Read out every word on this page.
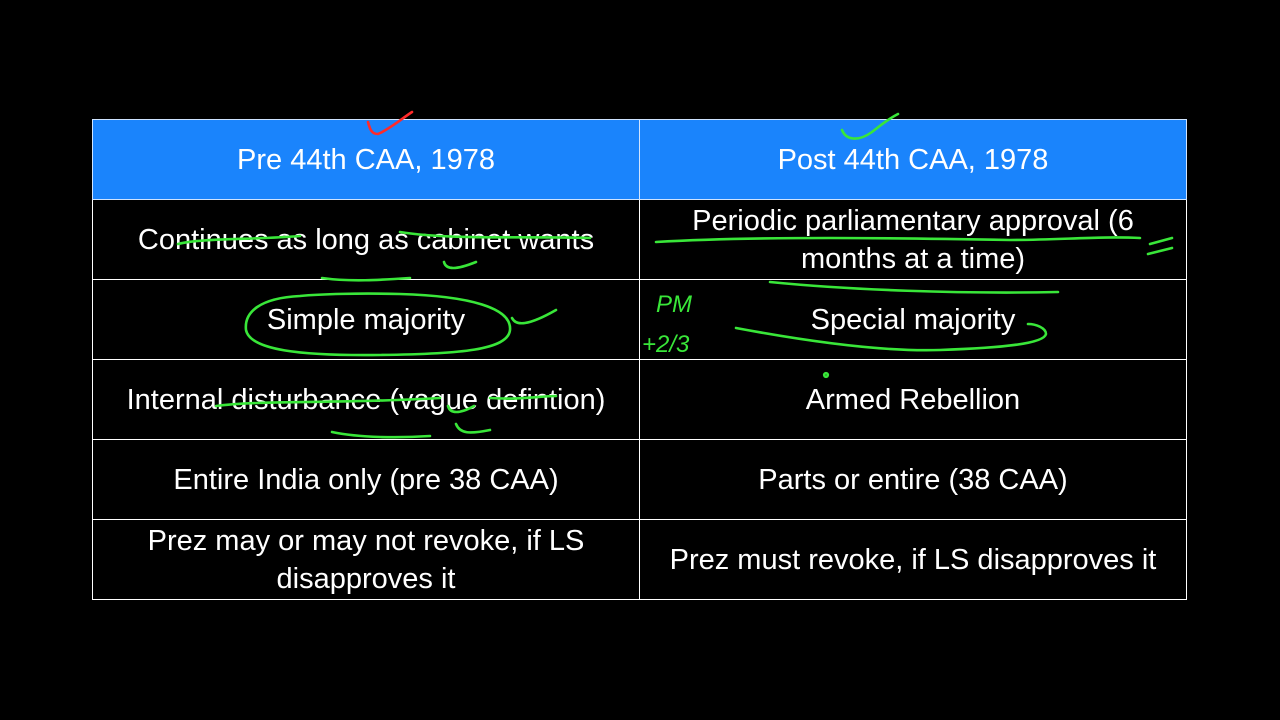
Pre 44th CAA, 1978	Post 44th CAA, 1978
Continues as long as cabinet wants	Periodic parliamentary approval (6 months at a time)
Simple majority	Special majority
Internal disturbance (vague defintion)	Armed Rebellion
Entire India only (pre 38 CAA)	Parts or entire (38 CAA)
Prez may or may not revoke, if LS disapproves it	Prez must revoke, if LS disapproves it
PM
+2/3
